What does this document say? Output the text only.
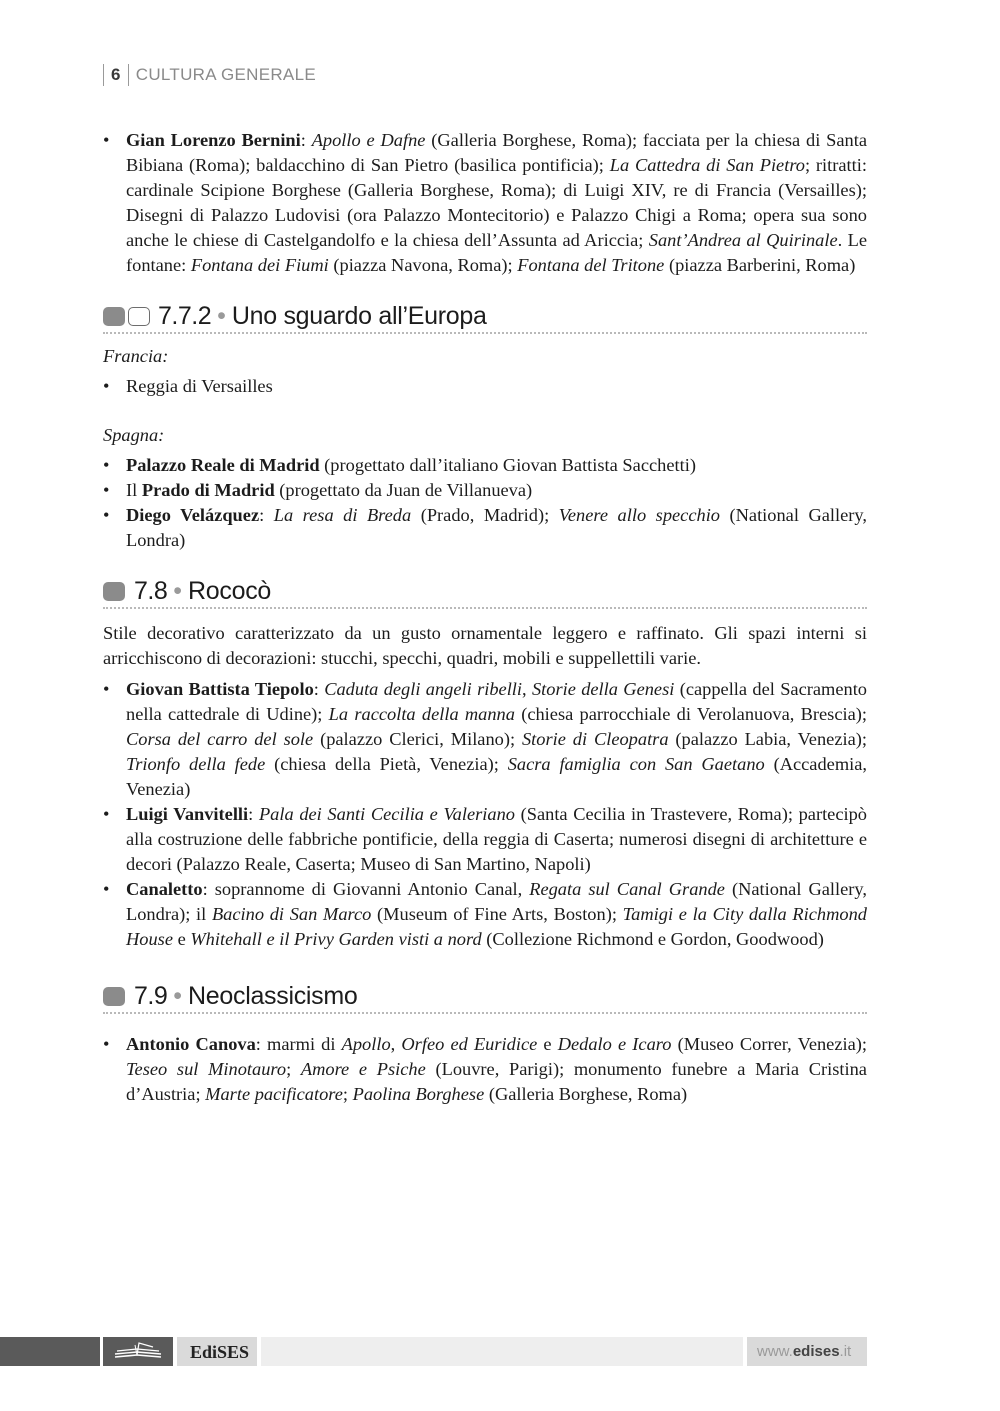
6 CULTURA GENERALE
• Gian Lorenzo Bernini: Apollo e Dafne (Galleria Borghese, Roma); facciata per la chiesa di Santa Bibiana (Roma); baldacchino di San Pietro (basilica pontificia); La Cattedra di San Pietro; ritratti: cardinale Scipione Borghese (Galleria Borghese, Roma); di Luigi XIV, re di Francia (Versailles); Disegni di Palazzo Ludovisi (ora Palazzo Montecitorio) e Palazzo Chigi a Roma; opera sua sono anche le chiese di Castelgandolfo e la chiesa dell’Assunta ad Ariccia; Sant’Andrea al Quirinale. Le fontane: Fontana dei Fiumi (piazza Navona, Roma); Fontana del Tritone (piazza Barberini, Roma)
7.7.2 • Uno sguardo all’Europa

Francia:

• Reggia di Versailles

Spagna:

• Palazzo Reale di Madrid (progettato dall’italiano Giovan Battista Sacchetti)
• Il Prado di Madrid (progettato da Juan de Villanueva)
• Diego Velázquez: La resa di Breda (Prado, Madrid); Venere allo specchio (National Gallery, Londra)
7.8 • Rococò

Stile decorativo caratterizzato da un gusto ornamentale leggero e raffinato. Gli spazi interni si arricchiscono di decorazioni: stucchi, specchi, quadri, mobili e suppellettili varie.

• Giovan Battista Tiepolo: Caduta degli angeli ribelli, Storie della Genesi (cappella del Sacramento nella cattedrale di Udine); La raccolta della manna (chiesa parrocchiale di Verolanuova, Brescia); Corsa del carro del sole (palazzo Clerici, Milano); Storie di Cleopatra (palazzo Labia, Venezia); Trionfo della fede (chiesa della Pietà, Venezia); Sacra famiglia con San Gaetano (Accademia, Venezia)
• Luigi Vanvitelli: Pala dei Santi Cecilia e Valeriano (Santa Cecilia in Trastevere, Roma); partecipò alla costruzione delle fabbriche pontificie, della reggia di Caserta; numerosi disegni di architetture e decori (Palazzo Reale, Caserta; Museo di San Martino, Napoli)
• Canaletto: soprannome di Giovanni Antonio Canal, Regata sul Canal Grande (National Gallery, Londra); il Bacino di San Marco (Museum of Fine Arts, Boston); Tamigi e la City dalla Richmond House e Whitehall e il Privy Garden visti a nord (Collezione Richmond e Gordon, Goodwood)
7.9 • Neoclassicismo
• Antonio Canova: marmi di Apollo, Orfeo ed Euridice e Dedalo e Icaro (Museo Correr, Venezia); Teseo sul Minotauro; Amore e Psiche (Louvre, Parigi); monumento funebre a Maria Cristina d’Austria; Marte pacificatore; Paolina Borghese (Galleria Borghese, Roma)
EdiSES	www.edises.it
